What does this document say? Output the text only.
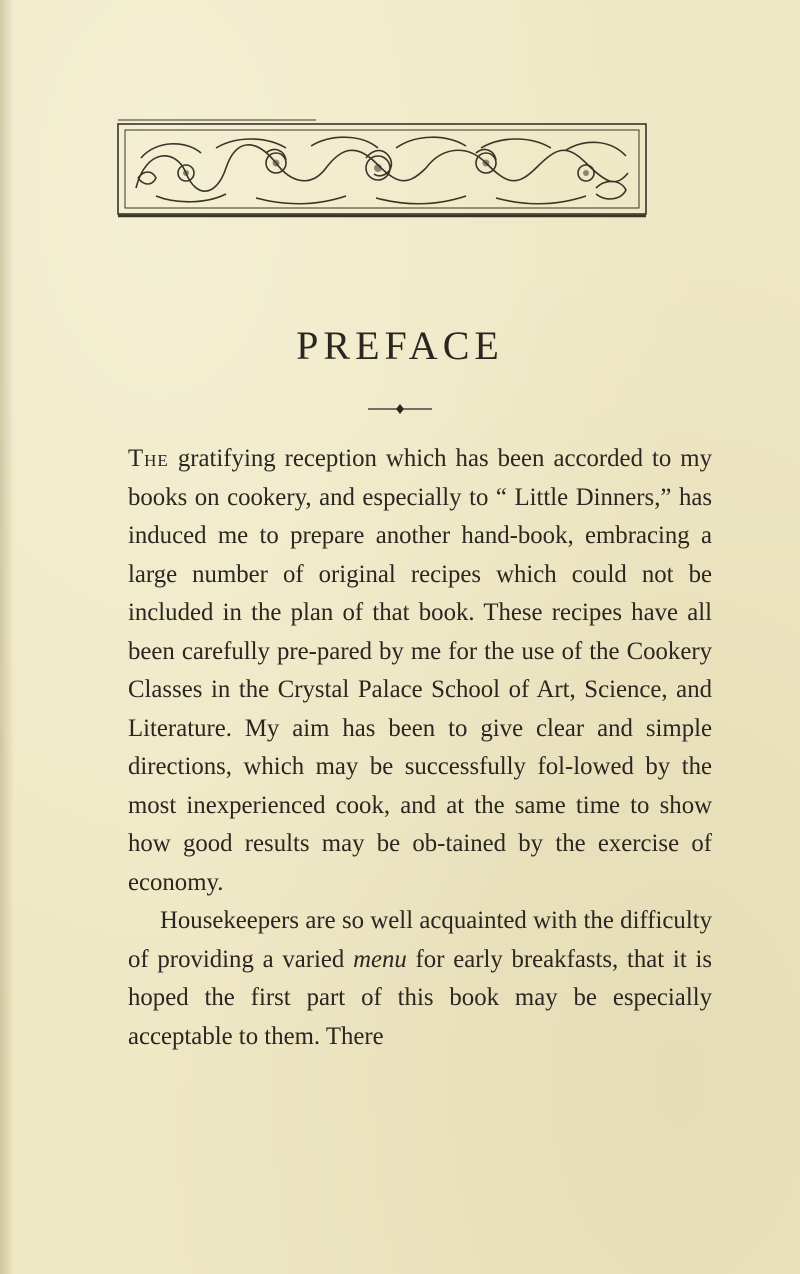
PREFACE

The gratifying reception which has been accorded to my books on cookery, and especially to “ Little Dinners,” has induced me to prepare another hand-book, embracing a large number of original recipes which could not be included in the plan of that book. These recipes have all been carefully pre-pared by me for the use of the Cookery Classes in the Crystal Palace School of Art, Science, and Literature. My aim has been to give clear and simple directions, which may be successfully fol-lowed by the most inexperienced cook, and at the same time to show how good results may be ob-tained by the exercise of economy.

Housekeepers are so well acquainted with the difficulty of providing a varied menu for early breakfasts, that it is hoped the first part of this book may be especially acceptable to them. There
